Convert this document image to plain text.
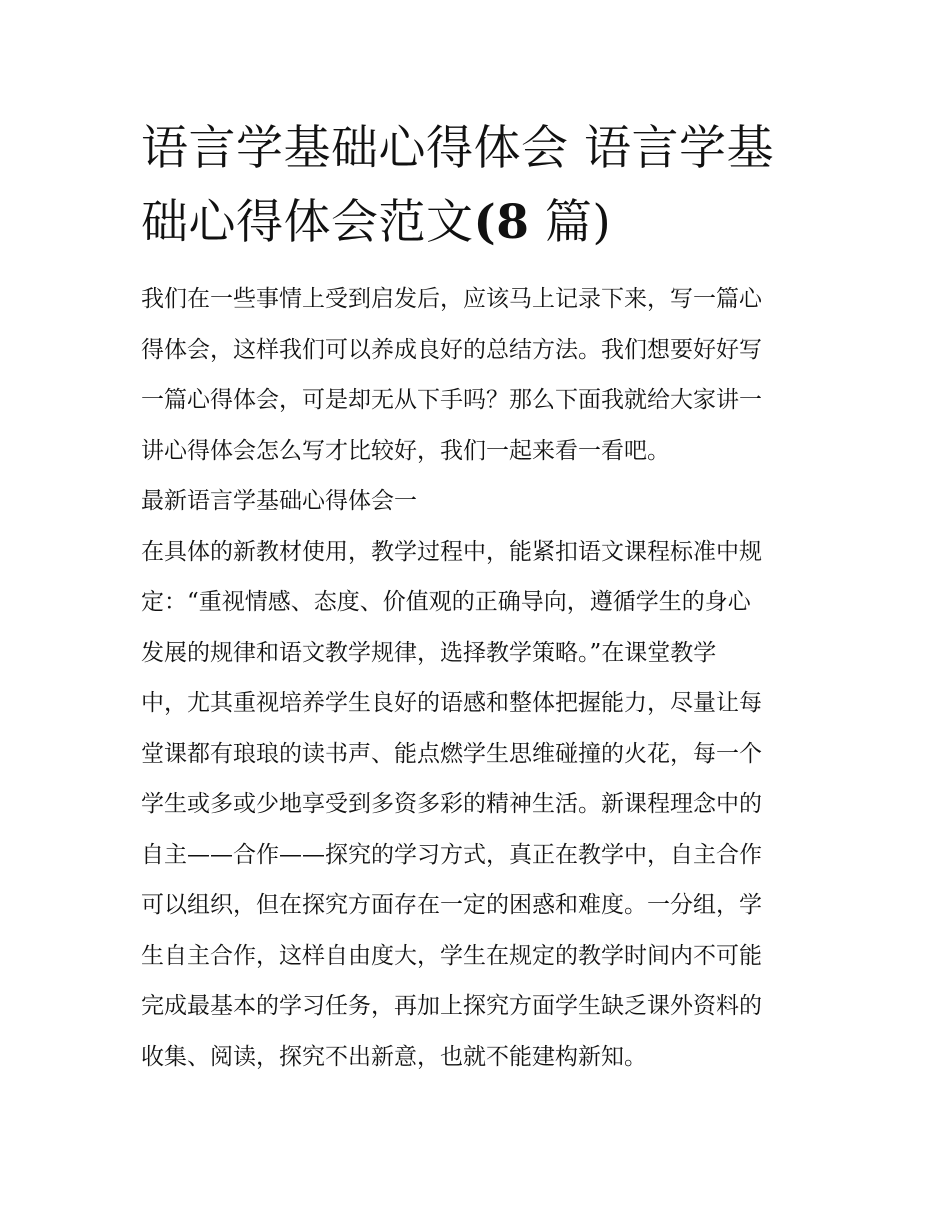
语言学基础心得体会 语言学基
础心得体会范文(8 篇)
我们在一些事情上受到启发后，应该马上记录下来，写一篇心
得体会，这样我们可以养成良好的总结方法。我们想要好好写
一篇心得体会，可是却无从下手吗？那么下面我就给大家讲一
讲心得体会怎么写才比较好，我们一起来看一看吧。
最新语言学基础心得体会一
在具体的新教材使用，教学过程中，能紧扣语文课程标准中规
定：“重视情感、态度、价值观的正确导向，遵循学生的身心
发展的规律和语文教学规律，选择教学策略。”在课堂教学
中，尤其重视培养学生良好的语感和整体把握能力，尽量让每
堂课都有琅琅的读书声、能点燃学生思维碰撞的火花，每一个
学生或多或少地享受到多资多彩的精神生活。新课程理念中的
自主——合作——探究的学习方式，真正在教学中，自主合作
可以组织，但在探究方面存在一定的困惑和难度。一分组，学
生自主合作，这样自由度大，学生在规定的教学时间内不可能
完成最基本的学习任务，再加上探究方面学生缺乏课外资料的
收集、阅读，探究不出新意，也就不能建构新知。
